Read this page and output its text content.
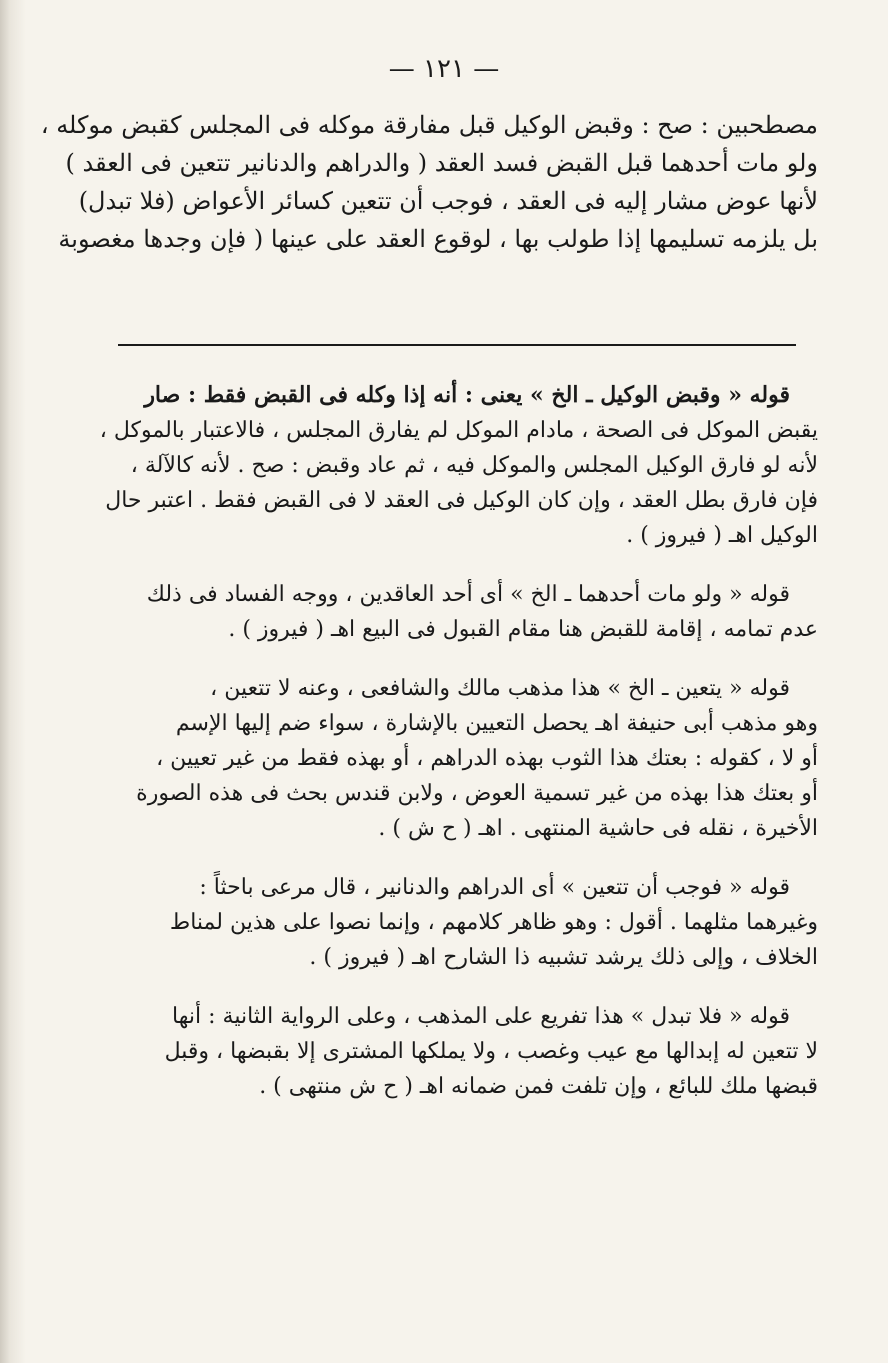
— ١٢١ —
مصطحبين : صح : وقبض الوكيل قبل مفارقة موكله فى المجلس كقبض موكله ،
ولو مات أحدهما قبل القبض فسد العقد ( والدراهم والدنانير تتعين فى العقد )
لأنها عوض مشار إليه فى العقد ، فوجب أن تتعين كسائر الأعواض (فلا تبدل)
بل يلزمه تسليمها إذا طولب بها ، لوقوع العقد على عينها ( فإن وجدها مغصوبة
قوله « وقبض الوكيل ـ الخ » يعنى : أنه إذا وكله فى القبض فقط : صار
يقبض الموكل فى الصحة ، مادام الموكل لم يفارق المجلس ، فالاعتبار بالموكل ،
لأنه لو فارق الوكيل المجلس والموكل فيه ، ثم عاد وقبض : صح . لأنه كالآلة ،
فإن فارق بطل العقد ، وإن كان الوكيل فى العقد لا فى القبض فقط . اعتبر حال
الوكيل اهـ ( فيروز ) .
قوله « ولو مات أحدهما ـ الخ » أى أحد العاقدين ، ووجه الفساد فى ذلك
عدم تمامه ، إقامة للقبض هنا مقام القبول فى البيع اهـ ( فيروز ) .
قوله « يتعين ـ الخ » هذا مذهب مالك والشافعى ، وعنه لا تتعين ،
وهو مذهب أبى حنيفة اهـ يحصل التعيين بالإشارة ، سواء ضم إليها الإسم
أو لا ، كقوله : بعتك هذا الثوب بهذه الدراهم ، أو بهذه فقط من غير تعيين ،
أو بعتك هذا بهذه من غير تسمية العوض ، ولابن قندس بحث فى هذه الصورة
الأخيرة ، نقله فى حاشية المنتهى . اهـ ( ح ش ) .
قوله « فوجب أن تتعين » أى الدراهم والدنانير ، قال مرعى باحثاً :
وغيرهما مثلهما . أقول : وهو ظاهر كلامهم ، وإنما نصوا على هذين لمناط
الخلاف ، وإلى ذلك يرشد تشبيه ذا الشارح اهـ ( فيروز ) .
قوله « فلا تبدل » هذا تفريع على المذهب ، وعلى الرواية الثانية : أنها
لا تتعين له إبدالها مع عيب وغصب ، ولا يملكها المشترى إلا بقبضها ، وقبل
قبضها ملك للبائع ، وإن تلفت فمن ضمانه اهـ ( ح ش منتهى ) .
